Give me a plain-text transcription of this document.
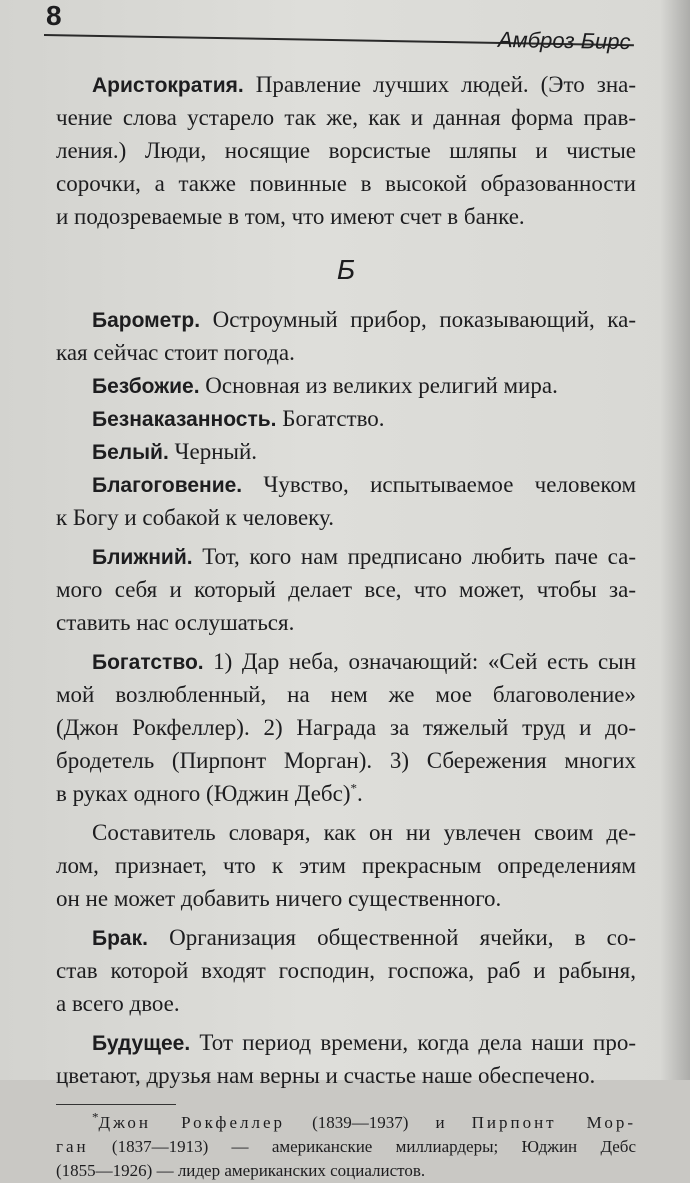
8
Амброз Бирс
Аристократия. Правление лучших людей. (Это зна-
чение слова устарело так же, как и данная форма прав-
ления.) Люди, носящие ворсистые шляпы и чистые
сорочки, а также повинные в высокой образованности
и подозреваемые в том, что имеют счет в банке.
Б
Барометр. Остроумный прибор, показывающий, ка-
кая сейчас стоит погода.
Безбожие. Основная из великих религий мира.
Безнаказанность. Богатство.
Белый. Черный.
Благоговение. Чувство, испытываемое человеком
к Богу и собакой к человеку.
Ближний. Тот, кого нам предписано любить паче са-
мого себя и который делает все, что может, чтобы за-
ставить нас ослушаться.
Богатство. 1) Дар неба, означающий: «Сей есть сын
мой возлюбленный, на нем же мое благоволение»
(Джон Рокфеллер). 2) Награда за тяжелый труд и до-
бродетель (Пирпонт Морган). 3) Сбережения многих
в руках одного (Юджин Дебс)*.
Составитель словаря, как он ни увлечен своим де-
лом, признает, что к этим прекрасным определениям
он не может добавить ничего существенного.
Брак. Организация общественной ячейки, в со-
став которой входят господин, госпожа, раб и рабыня,
а всего двое.
Будущее. Тот период времени, когда дела наши про-
цветают, друзья нам верны и счастье наше обеспечено.
*Джон Рокфеллер (1839—1937) и Пирпонт Мор-
ган (1837—1913) — американские миллиардеры; Юджин Дебс
(1855—1926) — лидер американских социалистов.
